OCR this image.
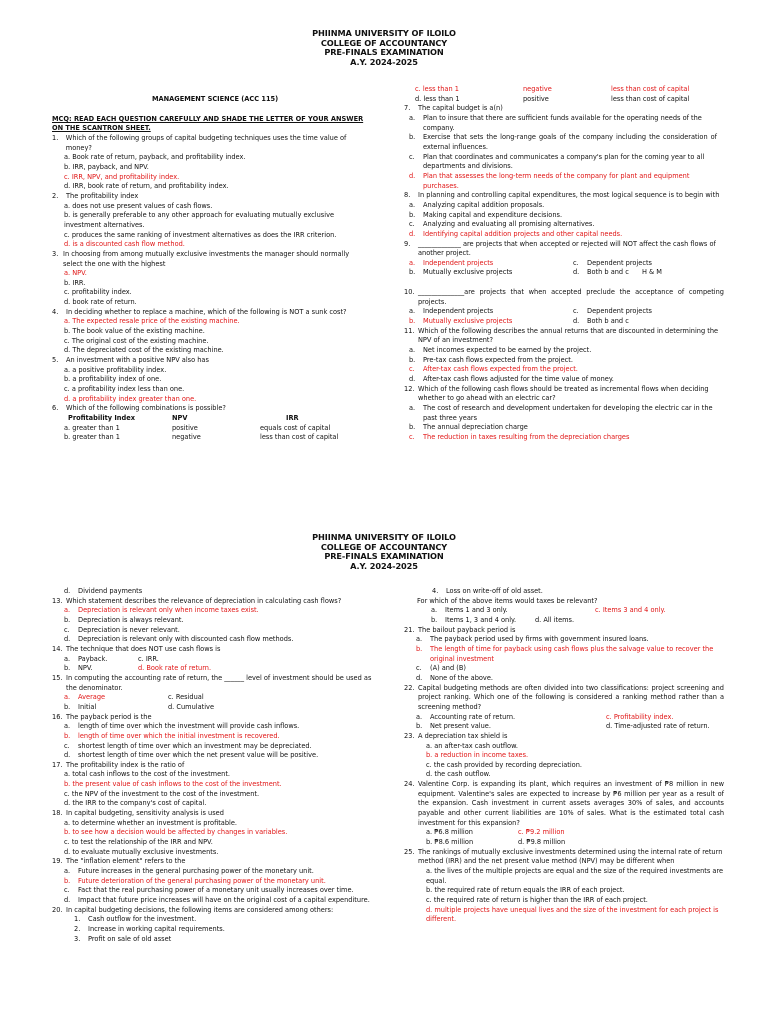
PHIINMA UNIVERSITY OF ILOILO
COLLEGE OF ACCOUNTANCY
PRE-FINALS EXAMINATION
A.Y. 2024-2025
MANAGEMENT SCIENCE (ACC 115)
MCQ: READ EACH QUESTION CAREFULLY AND SHADE THE LETTER OF YOUR ANSWER ON THE SCANTRON SHEET.
1.	Which of the following groups of capital budgeting techniques uses the time value of money?
a. Book rate of return, payback, and profitability index.
b. IRR, payback, and NPV.
c. IRR, NPV, and profitability index.
d. IRR, book rate of return, and profitability index.
2.	The profitability index
a. does not use present values of cash flows.
b. is generally preferable to any other approach for evaluating mutually exclusive investment alternatives.
c. produces the same ranking of investment alternatives as does the IRR criterion.
d. is a discounted cash flow method.
3. In choosing from among mutually exclusive investments the manager should normally select the one with the highest
a. NPV.
b. IRR.
c. profitability index.
d. book rate of return.
4.	In deciding whether to replace a machine, which of the following is NOT a sunk cost?
a. The expected resale price of the existing machine.
b. The book value of the existing machine.
c. The original cost of the existing machine.
d. The depreciated cost of the existing machine.
5.	An investment with a positive NPV also has
a. a positive profitability index.
b. a profitability index of one.
c. a profitability index less than one.
d. a profitability index greater than one.
6.	Which of the following combinations is possible?
Profitability Index	NPV	IRR
a. greater than 1	positive	equals cost of capital
b. greater than 1	negative	less than cost of capital
c. less than 1	negative	less than cost of capital
d. less than 1	positive	less than cost of capital
7.	The capital budget is a(n)
a.	Plan to insure that there are sufficient funds available for the operating needs of the company.
b.	Exercise that sets the long-range goals of the company including the consideration of external influences.
c.	Plan that coordinates and communicates a company's plan for the coming year to all departments and divisions.
d.	Plan that assesses the long-term needs of the company for plant and equipment purchases.
8.	In planning and controlling capital expenditures, the most logical sequence is to begin with
a.	Analyzing capital addition proposals.
b.	Making capital and expenditure decisions.
c.	Analyzing and evaluating all promising alternatives.
d.	Identifying capital addition projects and other capital needs.
9.	_____________ are projects that when accepted or rejected will NOT affect the cash flows of another project.
a.	Independent projects	c.	Dependent projects
b.	Mutually exclusive projects	d.	Both b and c	H & M
10. ______________are projects that when accepted preclude the acceptance of competing projects.
a.	Independent projects	c.	Dependent projects
b.	Mutually exclusive projects	d.	Both b and c
11. Which of the following describes the annual returns that are discounted in determining the NPV of an investment?
a.	Net incomes expected to be earned by the project.
b.	Pre-tax cash flows expected from the project.
c.	After-tax cash flows expected from the project.
d.	After-tax cash flows adjusted for the time value of money.
12. Which of the following cash flows should be treated as incremental flows when deciding whether to go ahead with an electric car?
a.	The cost of research and development undertaken for developing the electric car in the past three years
b.	The annual depreciation charge
c.	The reduction in taxes resulting from the depreciation charges
PHIINMA UNIVERSITY OF ILOILO
COLLEGE OF ACCOUNTANCY
PRE-FINALS EXAMINATION
A.Y. 2024-2025
d.	Dividend payments
13. Which statement describes the relevance of depreciation in calculating cash flows?
a.	Depreciation is relevant only when income taxes exist.
b.	Depreciation is always relevant.
c.	Depreciation is never relevant.
d.	Depreciation is relevant only with discounted cash flow methods.
14. The technique that does NOT use cash flows is
a.	Payback.	c. IRR.
b.	NPV.	d. Book rate of return.
15. In computing the accounting rate of return, the ______ level of investment should be used as the denominator.
a.	Average	c. Residual
b.	Initial	d. Cumulative
16. The payback period is the
a.	length of time over which the investment will provide cash inflows.
b.	length of time over which the initial investment is recovered.
c.	shortest length of time over which an investment may be depreciated.
d.	shortest length of time over which the net present value will be positive.
17. The profitability index is the ratio of
a. total cash inflows to the cost of the investment.
b. the present value of cash inflows to the cost of the investment.
c. the NPV of the investment to the cost of the investment.
d. the IRR to the company's cost of capital.
18. In capital budgeting, sensitivity analysis is used
a. to determine whether an investment is profitable.
b. to see how a decision would be affected by changes in variables.
c. to test the relationship of the IRR and NPV.
d. to evaluate mutually exclusive investments.
19. The "inflation element" refers to the
a.	Future increases in the general purchasing power of the monetary unit.
b.	Future deterioration of the general purchasing power of the monetary unit.
c.	Fact that the real purchasing power of a monetary unit usually increases over time.
d.	Impact that future price increases will have on the original cost of a capital expenditure.
20. In capital budgeting decisions, the following items are considered among others:
1.	Cash outflow for the investment.
2.	Increase in working capital requirements.
3.	Profit on sale of old asset
4.	Loss on write-off of old asset.
For which of the above items would taxes be relevant?
a.	Items 1 and 3 only.	c. Items 3 and 4 only.
b.	Items 1, 3 and 4 only.	d. All items.
21. The bailout payback period is
a.	The payback period used by firms with government insured loans.
b.	The length of time for payback using cash flows plus the salvage value to recover the original investment
c.	(A) and (B)
d.	None of the above.
22. Capital budgeting methods are often divided into two classifications: project screening and project ranking. Which one of the following is considered a ranking method rather than a screening method?
a.	Accounting rate of return.	c. Profitability index.
b.	Net present value.	d. Time-adjusted rate of return.
23. A depreciation tax shield is
a. an after-tax cash outflow.
b. a reduction in income taxes.
c. the cash provided by recording depreciation.
d. the cash outflow.
24. Valentine Corp. is expanding its plant, which requires an investment of ₱8 million in new equipment. Valentine's sales are expected to increase by ₱6 million per year as a result of the expansion. Cash investment in current assets averages 30% of sales, and accounts payable and other current liabilities are 10% of sales. What is the estimated total cash investment for this expansion?
a. ₱6.8 million	c. ₱9.2 million
b. ₱8.6 million	d. ₱9.8 million
25. The rankings of mutually exclusive investments determined using the internal rate of return method (IRR) and the net present value method (NPV) may be different when
a. the lives of the multiple projects are equal and the size of the required investments are equal.
b. the required rate of return equals the IRR of each project.
c. the required rate of return is higher than the IRR of each project.
d. multiple projects have unequal lives and the size of the investment for each project is different.
